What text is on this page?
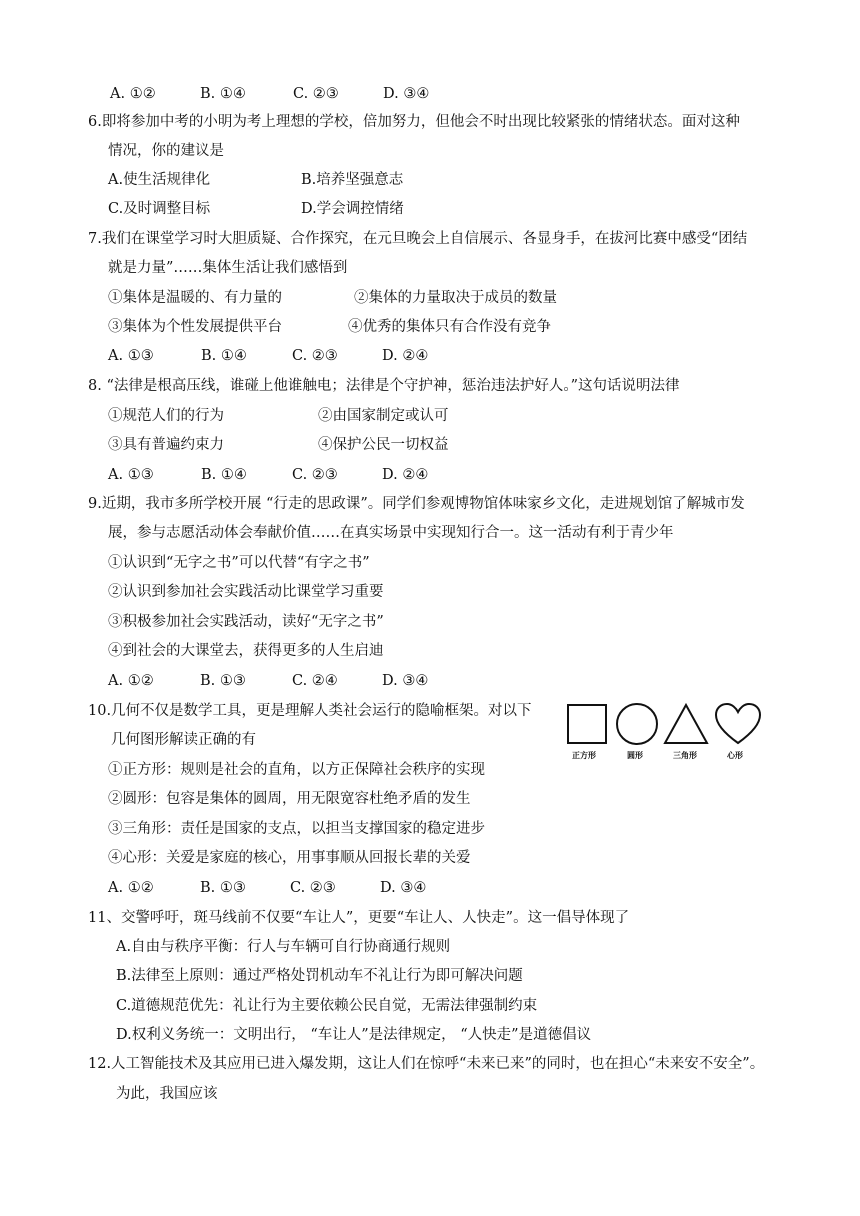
A. ①②	B. ①④	C. ②③	D. ③④
6.即将参加中考的小明为考上理想的学校，倍加努力，但他会不时出现比较紧张的情绪状态。面对这种
情况，你的建议是
A.使生活规律化	B.培养坚强意志
C.及时调整目标	D.学会调控情绪
7.我们在课堂学习时大胆质疑、合作探究，在元旦晚会上自信展示、各显身手，在拔河比赛中感受“团结
就是力量”……集体生活让我们感悟到
①集体是温暖的、有力量的	②集体的力量取决于成员的数量
③集体为个性发展提供平台	④优秀的集体只有合作没有竞争
A. ①③	B. ①④	C. ②③	D. ②④
8. “法律是根高压线，谁碰上他谁触电；法律是个守护神，惩治违法护好人。”这句话说明法律
①规范人们的行为	②由国家制定或认可
③具有普遍约束力	④保护公民一切权益
A. ①③	B. ①④	C. ②③	D. ②④
9.近期，我市多所学校开展 “行走的思政课”。同学们参观博物馆体味家乡文化，走进规划馆了解城市发
展，参与志愿活动体会奉献价值……在真实场景中实现知行合一。这一活动有利于青少年
①认识到“无字之书”可以代替“有字之书”
②认识到参加社会实践活动比课堂学习重要
③积极参加社会实践活动，读好“无字之书”
④到社会的大课堂去，获得更多的人生启迪
A. ①②	B. ①③	C. ②④	D. ③④
10.几何不仅是数学工具，更是理解人类社会运行的隐喻框架。对以下
几何图形解读正确的有
正方形	圆形	三角形	心形
①正方形：规则是社会的直角，以方正保障社会秩序的实现
②圆形：包容是集体的圆周，用无限宽容杜绝矛盾的发生
③三角形：责任是国家的支点，以担当支撑国家的稳定进步
④心形：关爱是家庭的核心，用事事顺从回报长辈的关爱
A. ①②	B. ①③	C. ②③	D. ③④
11、交警呼吁，斑马线前不仅要“车让人”，更要“车让人、人快走”。这一倡导体现了
A.自由与秩序平衡：行人与车辆可自行协商通行规则
B.法律至上原则：通过严格处罚机动车不礼让行为即可解决问题
C.道德规范优先：礼让行为主要依赖公民自觉，无需法律强制约束
D.权利义务统一：文明出行， “车让人”是法律规定， “人快走”是道德倡议
12.人工智能技术及其应用已进入爆发期，这让人们在惊呼“未来已来”的同时，也在担心“未来安不安全”。
为此，我国应该
